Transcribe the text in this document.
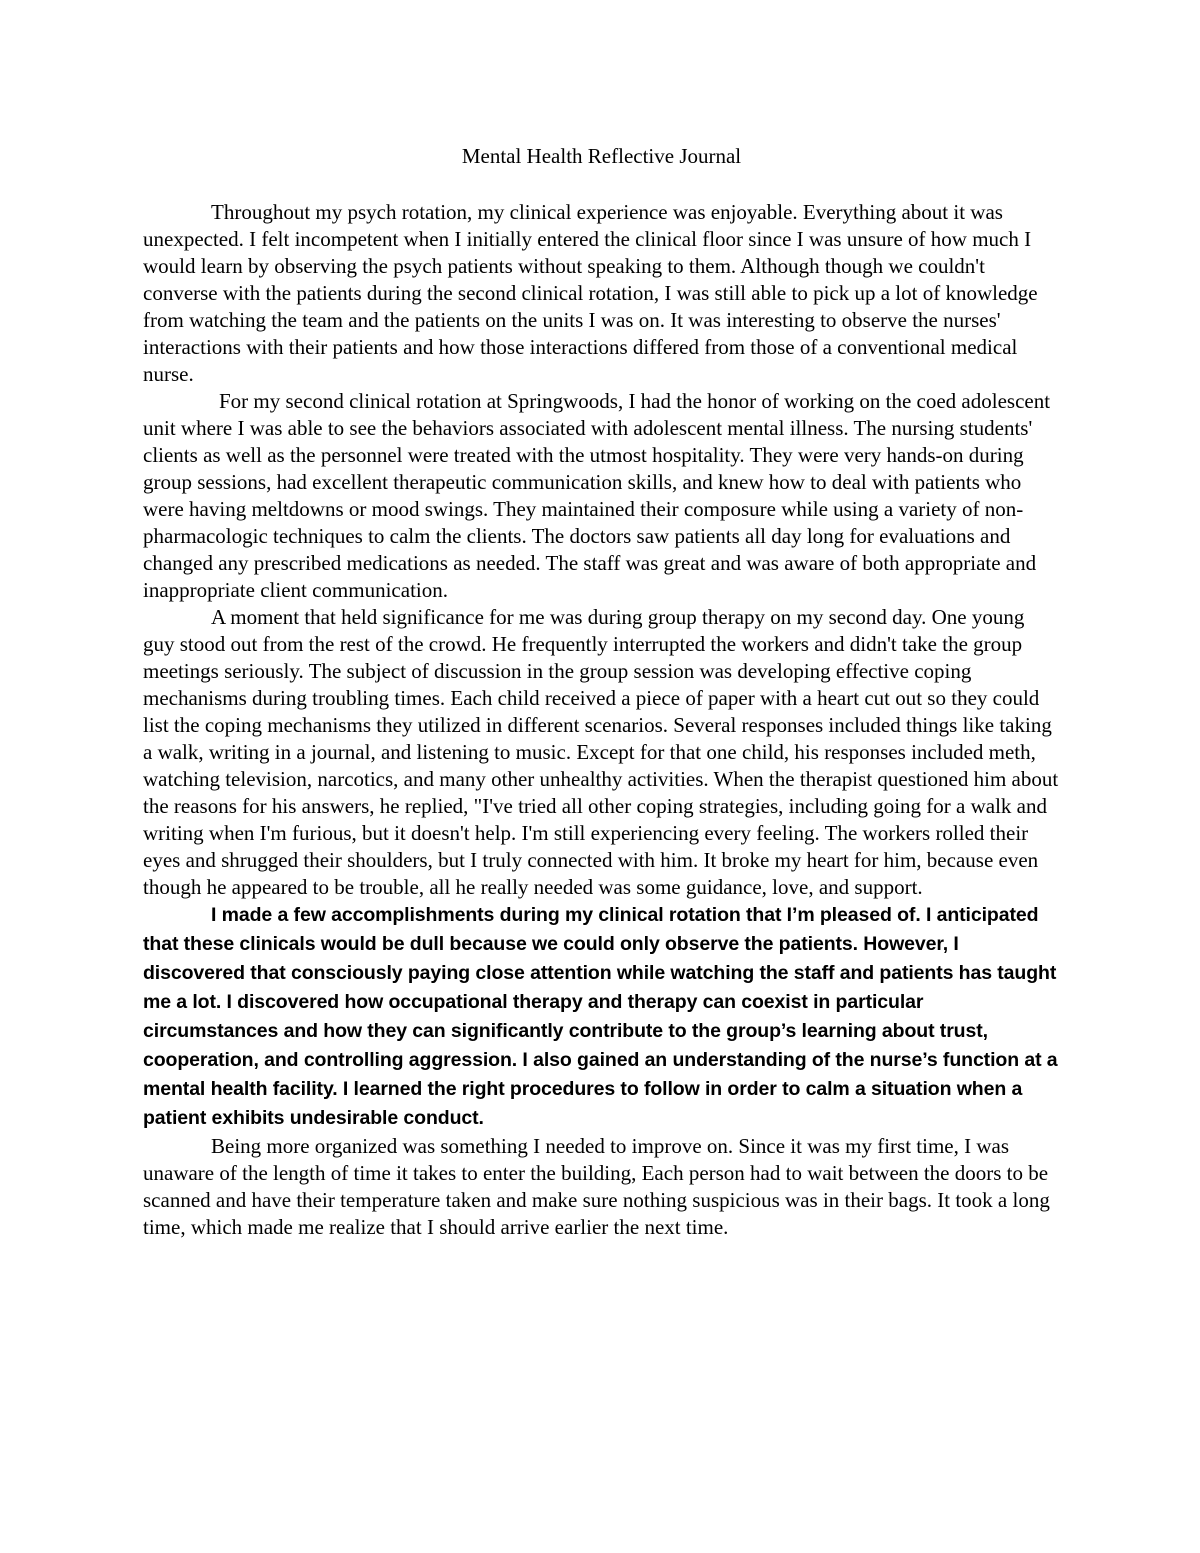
Mental Health Reflective Journal

Throughout my psych rotation, my clinical experience was enjoyable. Everything about it was unexpected. I felt incompetent when I initially entered the clinical floor since I was unsure of how much I would learn by observing the psych patients without speaking to them. Although though we couldn't converse with the patients during the second clinical rotation, I was still able to pick up a lot of knowledge from watching the team and the patients on the units I was on. It was interesting to observe the nurses' interactions with their patients and how those interactions differed from those of a conventional medical nurse.

For my second clinical rotation at Springwoods, I had the honor of working on the coed adolescent unit where I was able to see the behaviors associated with adolescent mental illness. The nursing students' clients as well as the personnel were treated with the utmost hospitality. They were very hands-on during group sessions, had excellent therapeutic communication skills, and knew how to deal with patients who were having meltdowns or mood swings. They maintained their composure while using a variety of non-pharmacologic techniques to calm the clients. The doctors saw patients all day long for evaluations and changed any prescribed medications as needed. The staff was great and was aware of both appropriate and inappropriate client communication.

A moment that held significance for me was during group therapy on my second day. One young guy stood out from the rest of the crowd. He frequently interrupted the workers and didn't take the group meetings seriously. The subject of discussion in the group session was developing effective coping mechanisms during troubling times. Each child received a piece of paper with a heart cut out so they could list the coping mechanisms they utilized in different scenarios. Several responses included things like taking a walk, writing in a journal, and listening to music. Except for that one child, his responses included meth, watching television, narcotics, and many other unhealthy activities. When the therapist questioned him about the reasons for his answers, he replied, "I've tried all other coping strategies, including going for a walk and writing when I'm furious, but it doesn't help. I'm still experiencing every feeling. The workers rolled their eyes and shrugged their shoulders, but I truly connected with him. It broke my heart for him, because even though he appeared to be trouble, all he really needed was some guidance, love, and support.

I made a few accomplishments during my clinical rotation that I’m pleased of. I anticipated that these clinicals would be dull because we could only observe the patients. However, I discovered that consciously paying close attention while watching the staff and patients has taught me a lot. I discovered how occupational therapy and therapy can coexist in particular circumstances and how they can significantly contribute to the group’s learning about trust, cooperation, and controlling aggression. I also gained an understanding of the nurse’s function at a mental health facility. I learned the right procedures to follow in order to calm a situation when a patient exhibits undesirable conduct.

Being more organized was something I needed to improve on. Since it was my first time, I was unaware of the length of time it takes to enter the building, Each person had to wait between the doors to be scanned and have their temperature taken and make sure nothing suspicious was in their bags. It took a long time, which made me realize that I should arrive earlier the next time.
